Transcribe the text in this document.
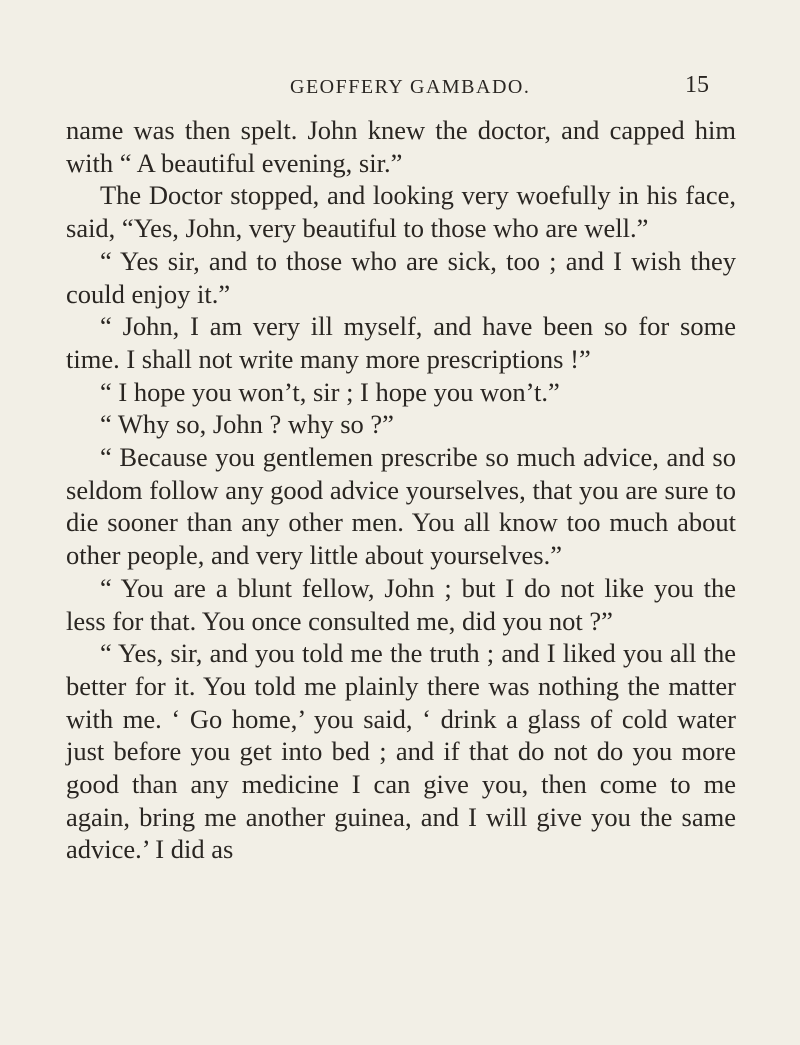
GEOFFERY GAMBADO.	15

name was then spelt. John knew the doctor, and capped him with “ A beautiful evening, sir.”

The Doctor stopped, and looking very woefully in his face, said, “Yes, John, very beautiful to those who are well.”

“ Yes sir, and to those who are sick, too ; and I wish they could enjoy it.”

“ John, I am very ill myself, and have been so for some time. I shall not write many more prescriptions !”

“ I hope you won’t, sir ; I hope you won’t.”

“ Why so, John ? why so ?”

“ Because you gentlemen prescribe so much advice, and so seldom follow any good advice yourselves, that you are sure to die sooner than any other men. You all know too much about other people, and very little about yourselves.”

“ You are a blunt fellow, John ; but I do not like you the less for that. You once consulted me, did you not ?”

“ Yes, sir, and you told me the truth ; and I liked you all the better for it. You told me plainly there was nothing the matter with me. ‘ Go home,’ you said, ‘ drink a glass of cold water just before you get into bed ; and if that do not do you more good than any medicine I can give you, then come to me again, bring me another guinea, and I will give you the same advice.’ I did as
